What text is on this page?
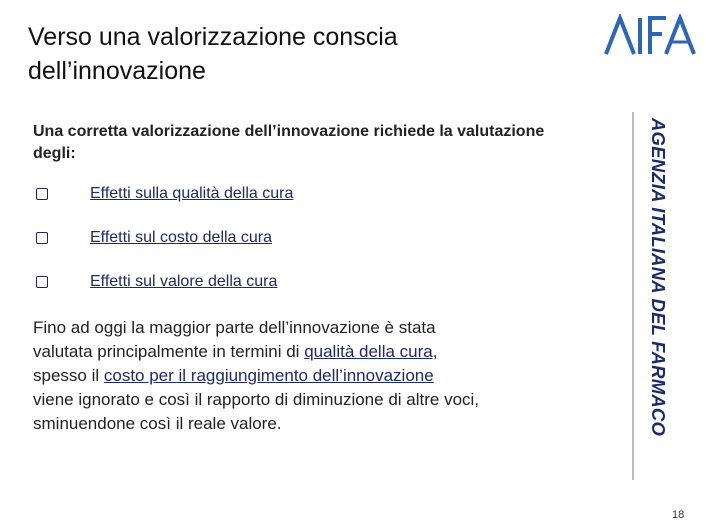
Verso una valorizzazione conscia
dell’innovazione
AGENZIA ITALIANA DEL FARMACO
Una corretta valorizzazione dell’innovazione richiede la valutazione
degli:
Effetti sulla qualità della cura
Effetti sul costo della cura
Effetti sul valore della cura
Fino ad oggi la maggior parte dell’innovazione è stata
valutata principalmente in termini di qualità della cura,
spesso il costo per il raggiungimento dell’innovazione
viene ignorato e così il rapporto di diminuzione di altre voci,
sminuendone così il reale valore.
18
